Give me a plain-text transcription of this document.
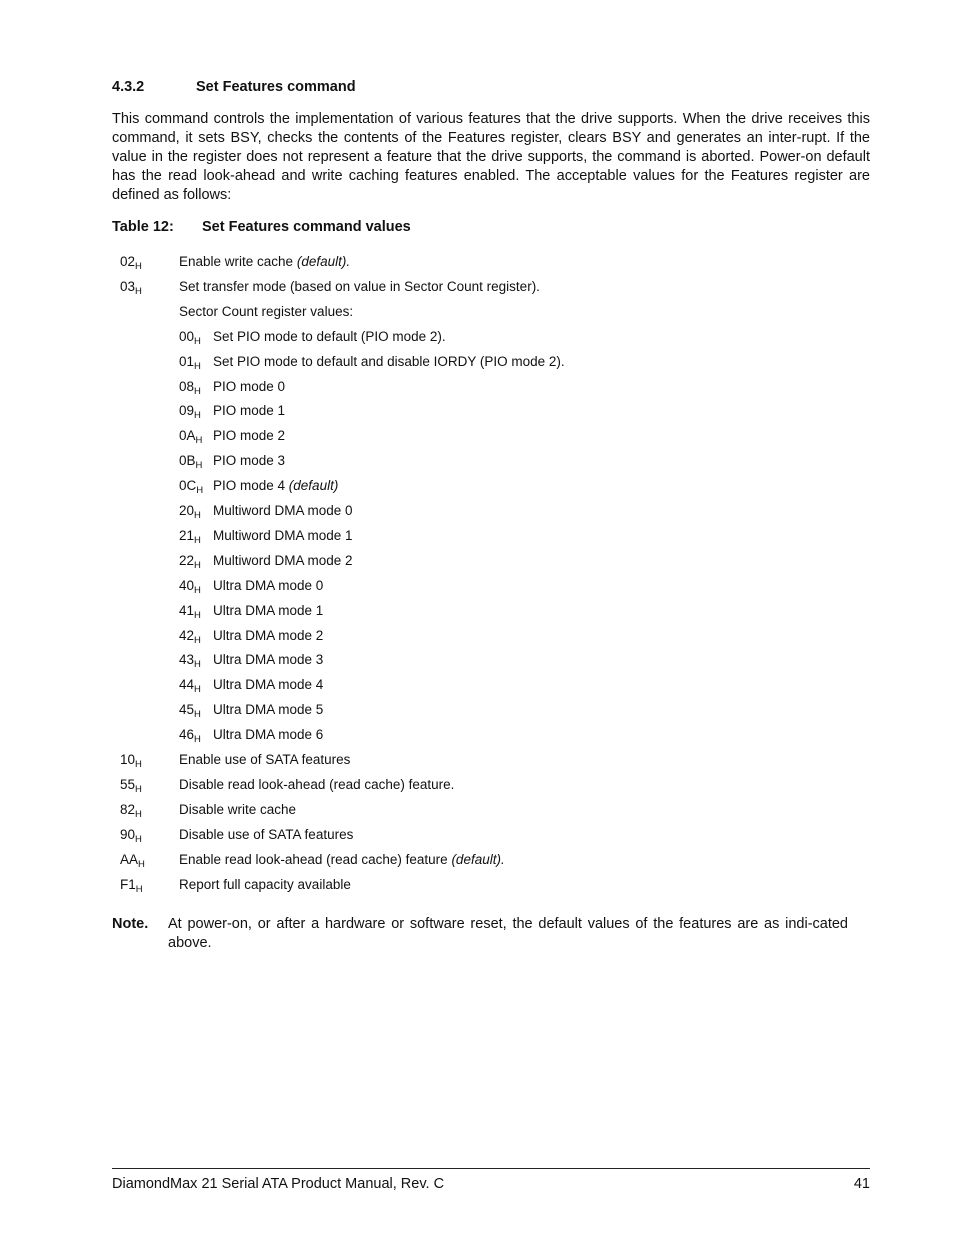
4.3.2	Set Features command

This command controls the implementation of various features that the drive supports. When the drive receives this command, it sets BSY, checks the contents of the Features register, clears BSY and generates an inter-rupt. If the value in the register does not represent a feature that the drive supports, the command is aborted. Power-on default has the read look-ahead and write caching features enabled. The acceptable values for the Features register are defined as follows:

Table 12: Set Features command values
$02_H$	Enable write cache (default).
$03_H$	Set transfer mode (based on value in Sector Count register).
Sector Count register values:
$00_H$ Set PIO mode to default (PIO mode 2).
$01_H$ Set PIO mode to default and disable IORDY (PIO mode 2).
$08_H$ PIO mode 0
$09_H$ PIO mode 1
$0A_H$ PIO mode 2
$0B_H$ PIO mode 3
$0C_H$ PIO mode 4 (default)
$20_H$ Multiword DMA mode 0
$21_H$ Multiword DMA mode 1
$22_H$ Multiword DMA mode 2
$40_H$ Ultra DMA mode 0
$41_H$ Ultra DMA mode 1
$42_H$ Ultra DMA mode 2
$43_H$ Ultra DMA mode 3
$44_H$ Ultra DMA mode 4
$45_H$ Ultra DMA mode 5
$46_H$ Ultra DMA mode 6
$10_H$	Enable use of SATA features
$55_H$	Disable read look-ahead (read cache) feature.
$82_H$	Disable write cache
$90_H$	Disable use of SATA features
$AA_H$	Enable read look-ahead (read cache) feature (default).
$F1_H$	Report full capacity available
Note. At power-on, or after a hardware or software reset, the default values of the features are as indi-cated above.
DiamondMax 21 Serial ATA Product Manual, Rev. C	41
